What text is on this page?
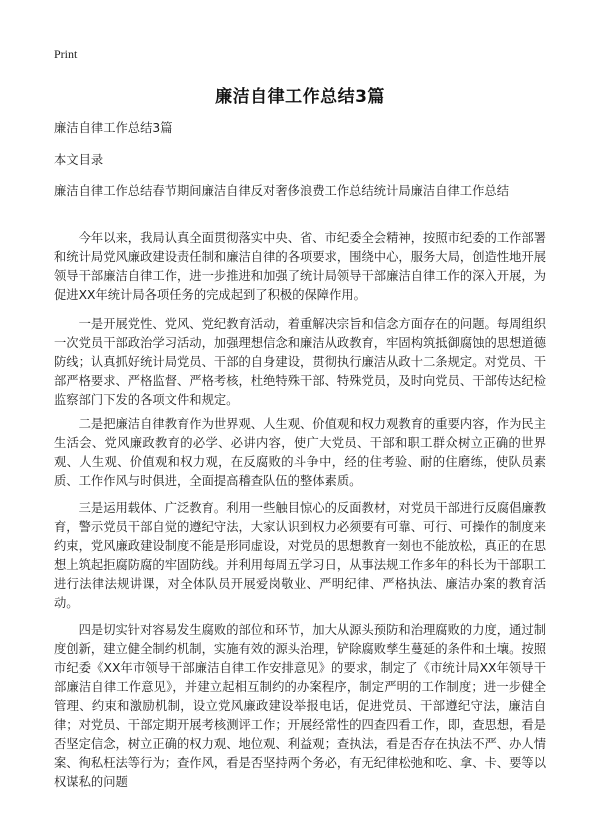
Print
廉洁自律工作总结3篇
廉洁自律工作总结3篇
本文目录
廉洁自律工作总结春节期间廉洁自律反对奢侈浪费工作总结统计局廉洁自律工作总结
今年以来，我局认真全面贯彻落实中央、省、市纪委全会精神，按照市纪委的工作部署和统计局党风廉政建设责任制和廉洁自律的各项要求，围绕中心，服务大局，创造性地开展领导干部廉洁自律工作，进一步推进和加强了统计局领导干部廉洁自律工作的深入开展，为促进XX年统计局各项任务的完成起到了积极的保障作用。
一是开展党性、党风、党纪教育活动，着重解决宗旨和信念方面存在的问题。每周组织一次党员干部政治学习活动，加强理想信念和廉洁从政教育，牢固构筑抵御腐蚀的思想道德防线；认真抓好统计局党员、干部的自身建设，贯彻执行廉洁从政十二条规定。对党员、干部严格要求、严格监督、严格考核，杜绝特殊干部、特殊党员，及时向党员、干部传达纪检监察部门下发的各项文件和规定。
二是把廉洁自律教育作为世界观、人生观、价值观和权力观教育的重要内容，作为民主生活会、党风廉政教育的必学、必讲内容，使广大党员、干部和职工群众树立正确的世界观、人生观、价值观和权力观，在反腐败的斗争中，经的住考验、耐的住磨练，使队员素质、工作作风与时俱进，全面提高稽查队伍的整体素质。
三是运用载体、广泛教育。利用一些触目惊心的反面教材，对党员干部进行反腐倡廉教育，警示党员干部自觉的遵纪守法，大家认识到权力必须要有可靠、可行、可操作的制度来约束，党风廉政建设制度不能是形同虚设，对党员的思想教育一刻也不能放松，真正的在思想上筑起拒腐防腐的牢固防线。并利用每周五学习日，从事法规工作多年的科长为干部职工进行法律法规讲课，对全体队员开展爱岗敬业、严明纪律、严格执法、廉洁办案的教育活动。
四是切实针对容易发生腐败的部位和环节，加大从源头预防和治理腐败的力度，通过制度创新，建立健全制约机制，实施有效的源头治理，铲除腐败孳生蔓延的条件和土壤。按照市纪委《XX年市领导干部廉洁自律工作安排意见》的要求，制定了《市统计局XX年领导干部廉洁自律工作意见》，并建立起相互制约的办案程序，制定严明的工作制度；进一步健全管理、约束和激励机制，设立党风廉政建设举报电话，促进党员、干部遵纪守法，廉洁自律；对党员、干部定期开展考核测评工作；开展经常性的四查四看工作，即，查思想，看是否坚定信念，树立正确的权力观、地位观、利益观；查执法，看是否存在执法不严、办人情案、徇私枉法等行为；查作风，看是否坚持两个务必，有无纪律松弛和吃、拿、卡、要等以权谋私的问题
